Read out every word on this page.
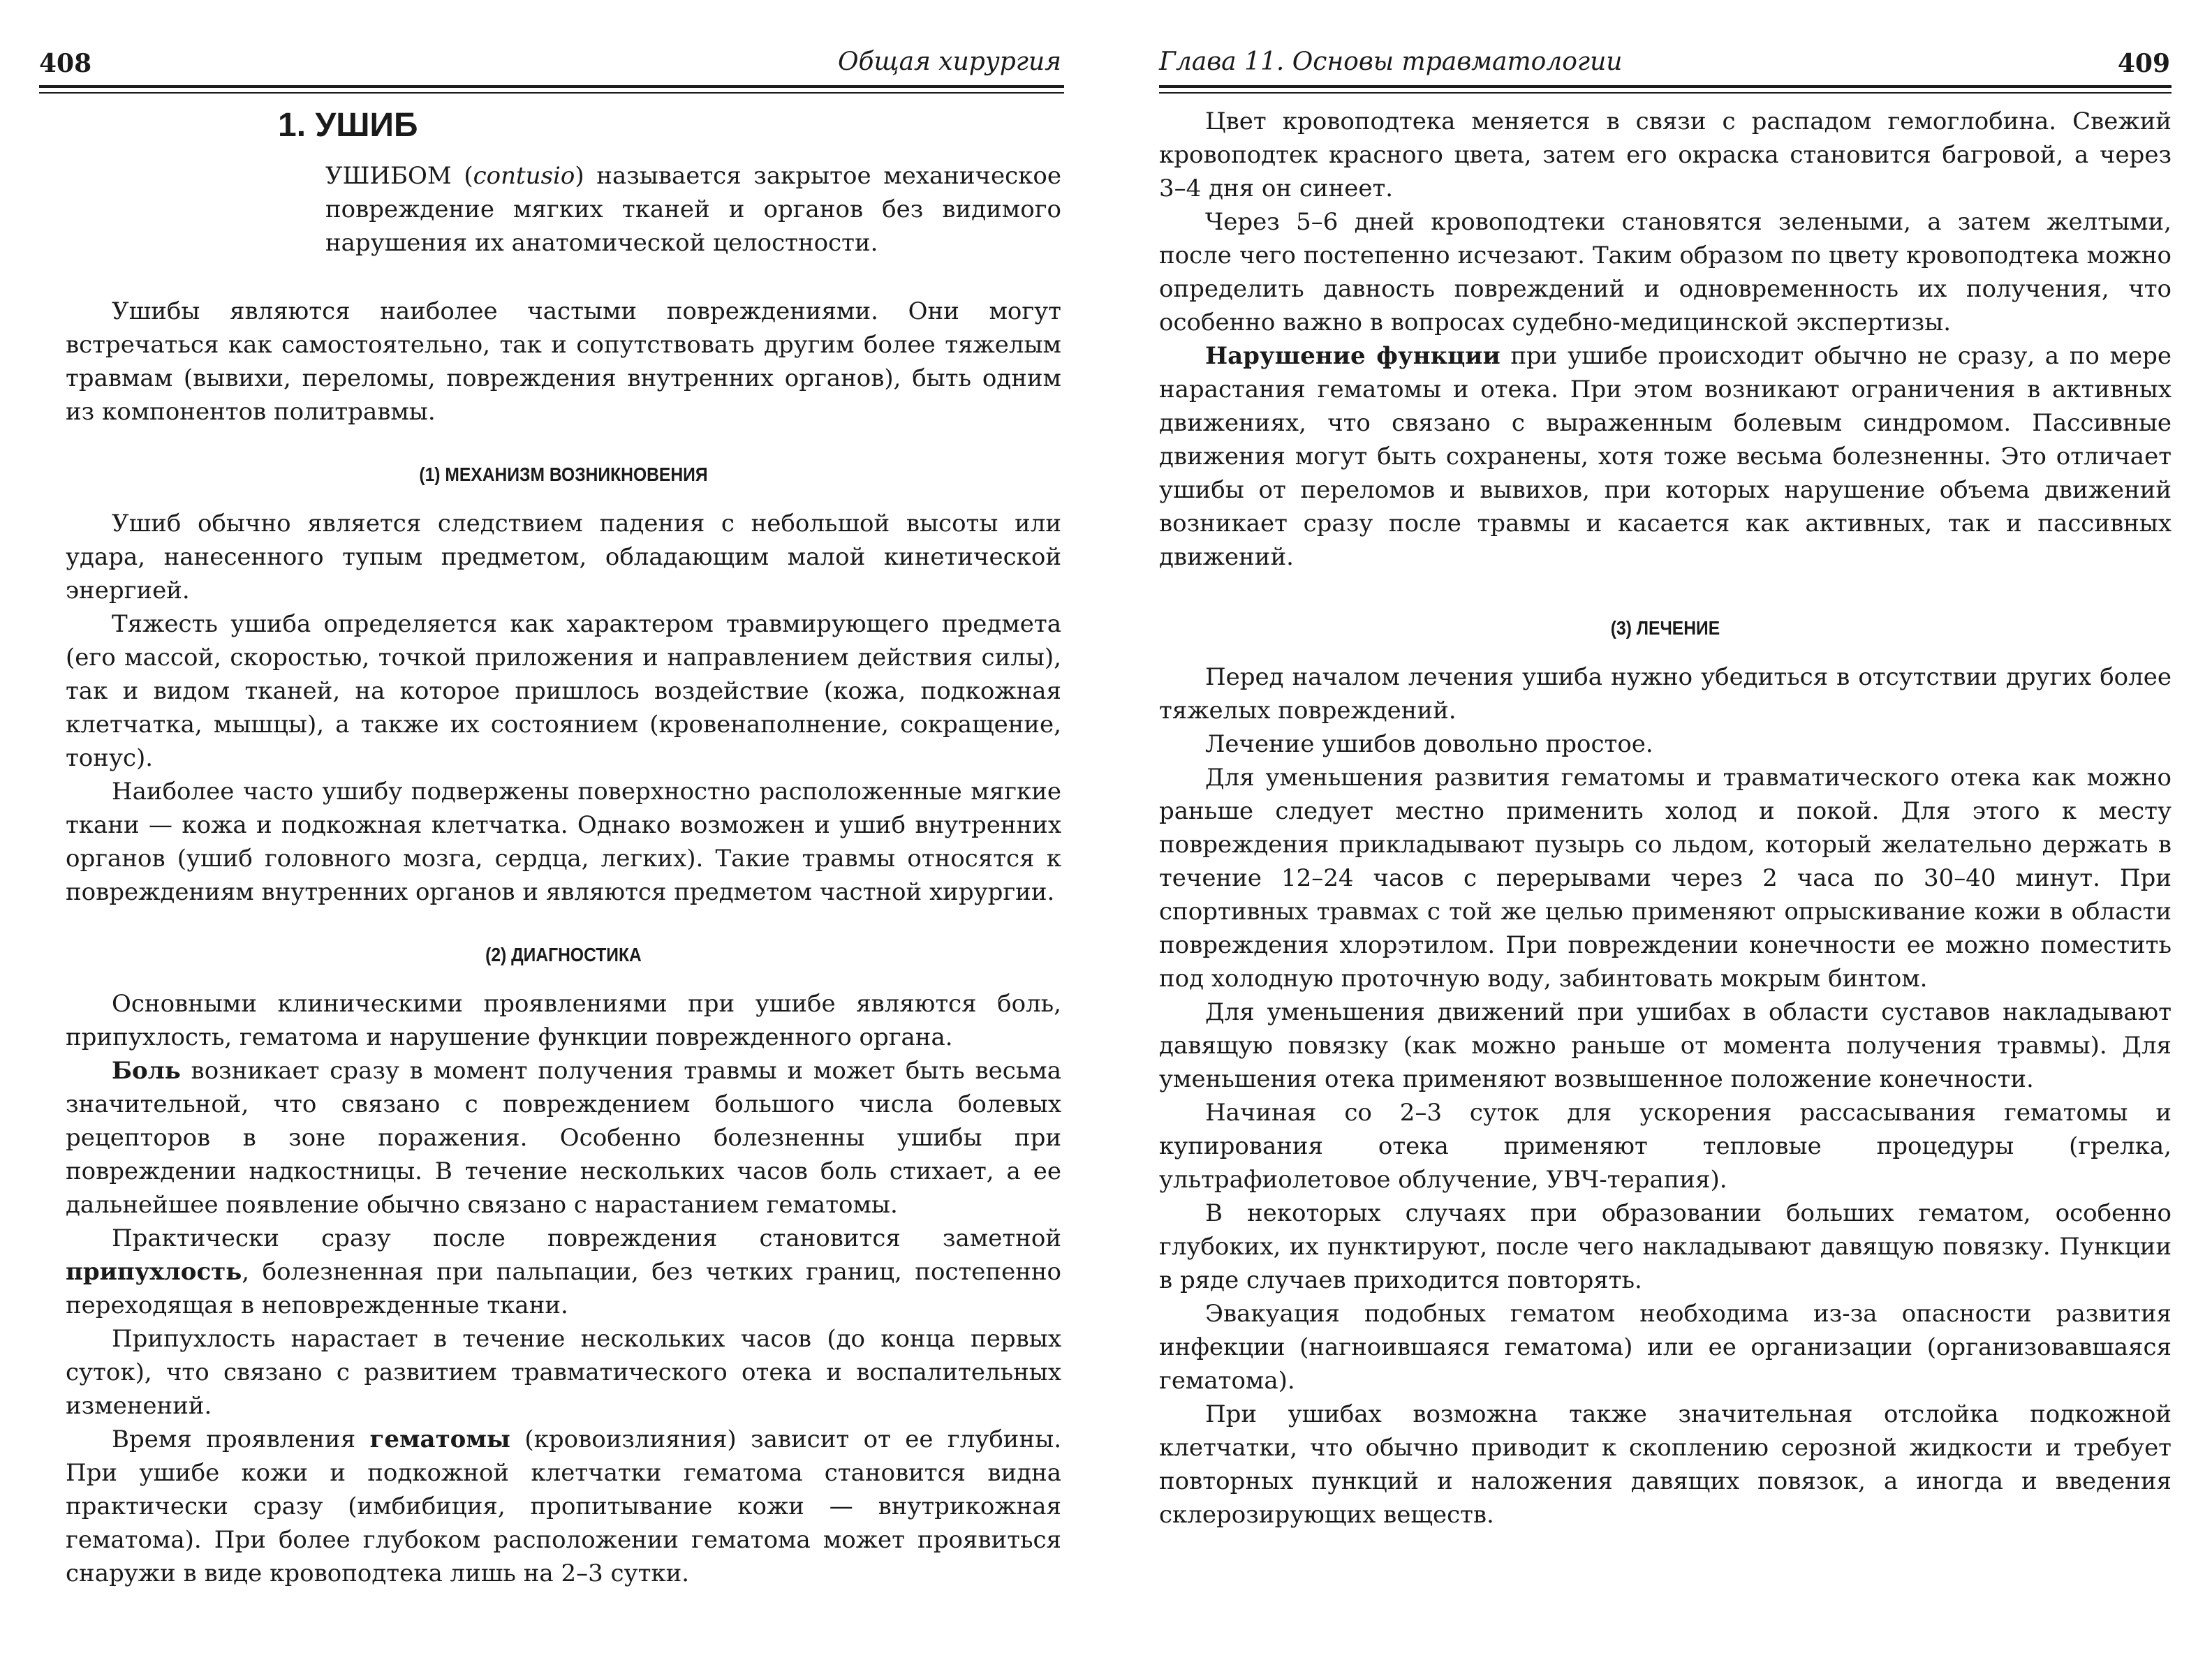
408	Общая хирургия
1. УШИБ

УШИБОМ (contusio) называется закрытое механическое повреждение мягких тканей и органов без видимого нарушения их анатомической целостности.

Ушибы являются наиболее частыми повреждениями. Они могут встречаться как самостоятельно, так и сопутствовать другим более тяжелым травмам (вывихи, переломы, повреждения внутренних органов), быть одним из компонентов политравмы.

(1) МЕХАНИЗМ ВОЗНИКНОВЕНИЯ

Ушиб обычно является следствием падения с небольшой высоты или удара, нанесенного тупым предметом, обладающим малой кинетической энергией.

Тяжесть ушиба определяется как характером травмирующего предмета (его массой, скоростью, точкой приложения и направлением действия силы), так и видом тканей, на которое пришлось воздействие (кожа, подкожная клетчатка, мышцы), а также их состоянием (кровенаполнение, сокращение, тонус).

Наиболее часто ушибу подвержены поверхностно расположенные мягкие ткани — кожа и подкожная клетчатка. Однако возможен и ушиб внутренних органов (ушиб головного мозга, сердца, легких). Такие травмы относятся к повреждениям внутренних органов и являются предметом частной хирургии.

(2) ДИАГНОСТИКА

Основными клиническими проявлениями при ушибе являются боль, припухлость, гематома и нарушение функции поврежденного органа.

Боль возникает сразу в момент получения травмы и может быть весьма значительной, что связано с повреждением большого числа болевых рецепторов в зоне поражения. Особенно болезненны ушибы при повреждении надкостницы. В течение нескольких часов боль стихает, а ее дальнейшее появление обычно связано с нарастанием гематомы.

Практически сразу после повреждения становится заметной припухлость, болезненная при пальпации, без четких границ, постепенно переходящая в неповрежденные ткани.

Припухлость нарастает в течение нескольких часов (до конца первых суток), что связано с развитием травматического отека и воспалительных изменений.

Время проявления гематомы (кровоизлияния) зависит от ее глубины. При ушибе кожи и подкожной клетчатки гематома становится видна практически сразу (имбибиция, пропитывание кожи — внутрикожная гематома). При более глубоком расположении гематома может проявиться снаружи в виде кровоподтека лишь на 2–3 сутки.

Глава 11. Основы травматологии	409

Цвет кровоподтека меняется в связи с распадом гемоглобина. Свежий кровоподтек красного цвета, затем его окраска становится багровой, а через 3–4 дня он синеет.

Через 5–6 дней кровоподтеки становятся зелеными, а затем желтыми, после чего постепенно исчезают. Таким образом по цвету кровоподтека можно определить давность повреждений и одновременность их получения, что особенно важно в вопросах судебно-медицинской экспертизы.

Нарушение функции при ушибе происходит обычно не сразу, а по мере нарастания гематомы и отека. При этом возникают ограничения в активных движениях, что связано с выраженным болевым синдромом. Пассивные движения могут быть сохранены, хотя тоже весьма болезненны. Это отличает ушибы от переломов и вывихов, при которых нарушение объема движений возникает сразу после травмы и касается как активных, так и пассивных движений.

(3) ЛЕЧЕНИЕ

Перед началом лечения ушиба нужно убедиться в отсутствии других более тяжелых повреждений.

Лечение ушибов довольно простое.

Для уменьшения развития гематомы и травматического отека как можно раньше следует местно применить холод и покой. Для этого к месту повреждения прикладывают пузырь со льдом, который желательно держать в течение 12–24 часов с перерывами через 2 часа по 30–40 минут. При спортивных травмах с той же целью применяют опрыскивание кожи в области повреждения хлорэтилом. При повреждении конечности ее можно поместить под холодную проточную воду, забинтовать мокрым бинтом.

Для уменьшения движений при ушибах в области суставов накладывают давящую повязку (как можно раньше от момента получения травмы). Для уменьшения отека применяют возвышенное положение конечности.

Начиная со 2–3 суток для ускорения рассасывания гематомы и купирования отека применяют тепловые процедуры (грелка, ультрафиолетовое облучение, УВЧ-терапия).

В некоторых случаях при образовании больших гематом, особенно глубоких, их пунктируют, после чего накладывают давящую повязку. Пункции в ряде случаев приходится повторять.

Эвакуация подобных гематом необходима из-за опасности развития инфекции (нагноившаяся гематома) или ее организации (организовавшаяся гематома).

При ушибах возможна также значительная отслойка подкожной клетчатки, что обычно приводит к скоплению серозной жидкости и требует повторных пункций и наложения давящих повязок, а иногда и введения склерозирующих веществ.
